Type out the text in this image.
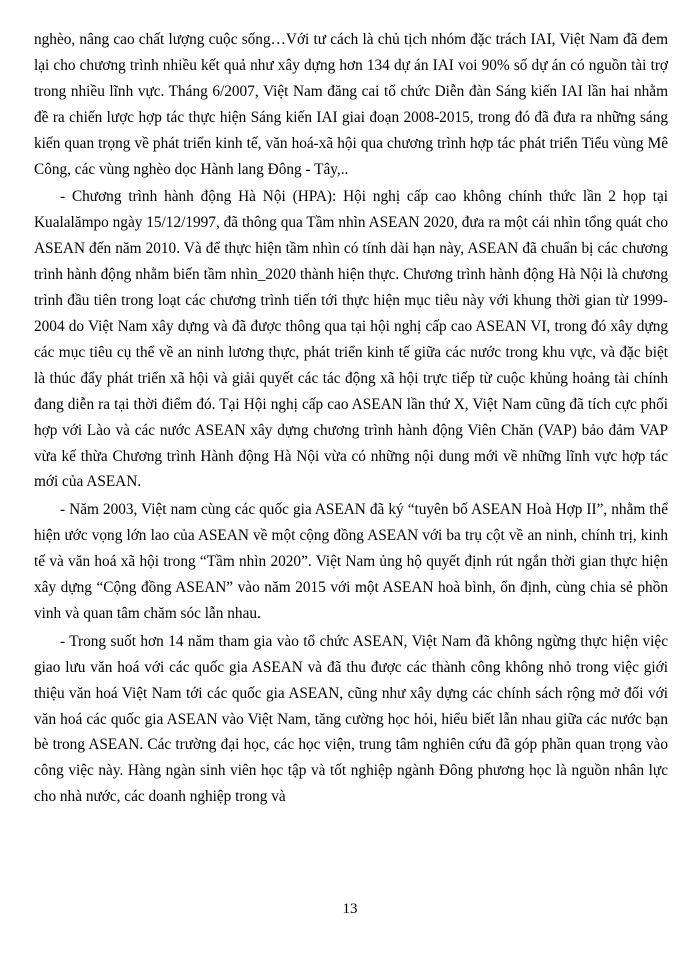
nghèo, nâng cao chất lượng cuộc sống…Với tư cách là chủ tịch nhóm đặc trách IAI, Việt Nam đã đem lại cho chương trình nhiều kết quả như xây dựng hơn 134 dự án IAI voi 90% số dự án có nguồn tài trợ trong nhiều lĩnh vực. Tháng 6/2007, Việt Nam đăng cai tổ chức Diễn đàn Sáng kiến IAI lần hai nhằm đề ra chiến lược hợp tác thực hiện Sáng kiến IAI giai đoạn 2008-2015, trong đó đã đưa ra những sáng kiến quan trọng về phát triển kinh tế, văn hoá-xã hội qua chương trình hợp tác phát triển Tiểu vùng Mê Công, các vùng nghèo dọc Hành lang Đông - Tây,..

- Chương trình hành động Hà Nội (HPA): Hội nghị cấp cao không chính thức lần 2 họp tại Kualalămpo ngày 15/12/1997, đã thông qua Tầm nhìn ASEAN 2020, đưa ra một cái nhìn tổng quát cho ASEAN đến năm 2010. Và để thực hiện tầm nhìn có tính dài hạn này, ASEAN đã chuẩn bị các chương trình hành động nhằm biến tầm nhìn_2020 thành hiện thực. Chương trình hành động Hà Nội là chương trình đầu tiên trong loạt các chương trình tiến tới thực hiện mục tiêu này với khung thời gian từ 1999-2004 do Việt Nam xây dựng và đã được thông qua tại hội nghị cấp cao ASEAN VI, trong đó xây dựng các mục tiêu cụ thể về an ninh lương thực, phát triển kinh tế giữa các nước trong khu vực, và đặc biệt là thúc đẩy phát triển xã hội và giải quyết các tác động xã hội trực tiếp từ cuộc khủng hoảng tài chính đang diễn ra tại thời điểm đó. Tại Hội nghị cấp cao ASEAN lần thứ X, Việt Nam cũng đã tích cực phối hợp với Lào và các nước ASEAN xây dựng chương trình hành động Viên Chăn (VAP) bảo đảm VAP vừa kế thừa Chương trình Hành động Hà Nội vừa có những nội dung mới về những lĩnh vực hợp tác mới của ASEAN.

- Năm 2003, Việt nam cùng các quốc gia ASEAN đã ký “tuyên bố ASEAN Hoà Hợp II”, nhằm thể hiện ước vọng lớn lao của ASEAN về một cộng đồng ASEAN với ba trụ cột về an ninh, chính trị, kinh tế và văn hoá xã hội trong “Tầm nhìn 2020”. Việt Nam ủng hộ quyết định rút ngắn thời gian thực hiện xây dựng “Cộng đồng ASEAN” vào năm 2015 với một ASEAN hoà bình, ổn định, cùng chia sẻ phồn vinh và quan tâm chăm sóc lẫn nhau.

- Trong suốt hơn 14 năm tham gia vào tổ chức ASEAN, Việt Nam đã không ngừng thực hiện việc giao lưu văn hoá với các quốc gia ASEAN và đã thu được các thành công không nhỏ trong việc giới thiệu văn hoá Việt Nam tới các quốc gia ASEAN, cũng như xây dựng các chính sách rộng mở đối với văn hoá các quốc gia ASEAN vào Việt Nam, tăng cường học hỏi, hiểu biết lẫn nhau giữa các nước bạn bè trong ASEAN. Các trường đại học, các học viện, trung tâm nghiên cứu đã góp phần quan trọng vào công việc này. Hàng ngàn sinh viên học tập và tốt nghiệp ngành Đông phương học là nguồn nhân lực cho nhà nước, các doanh nghiệp trong và

13
